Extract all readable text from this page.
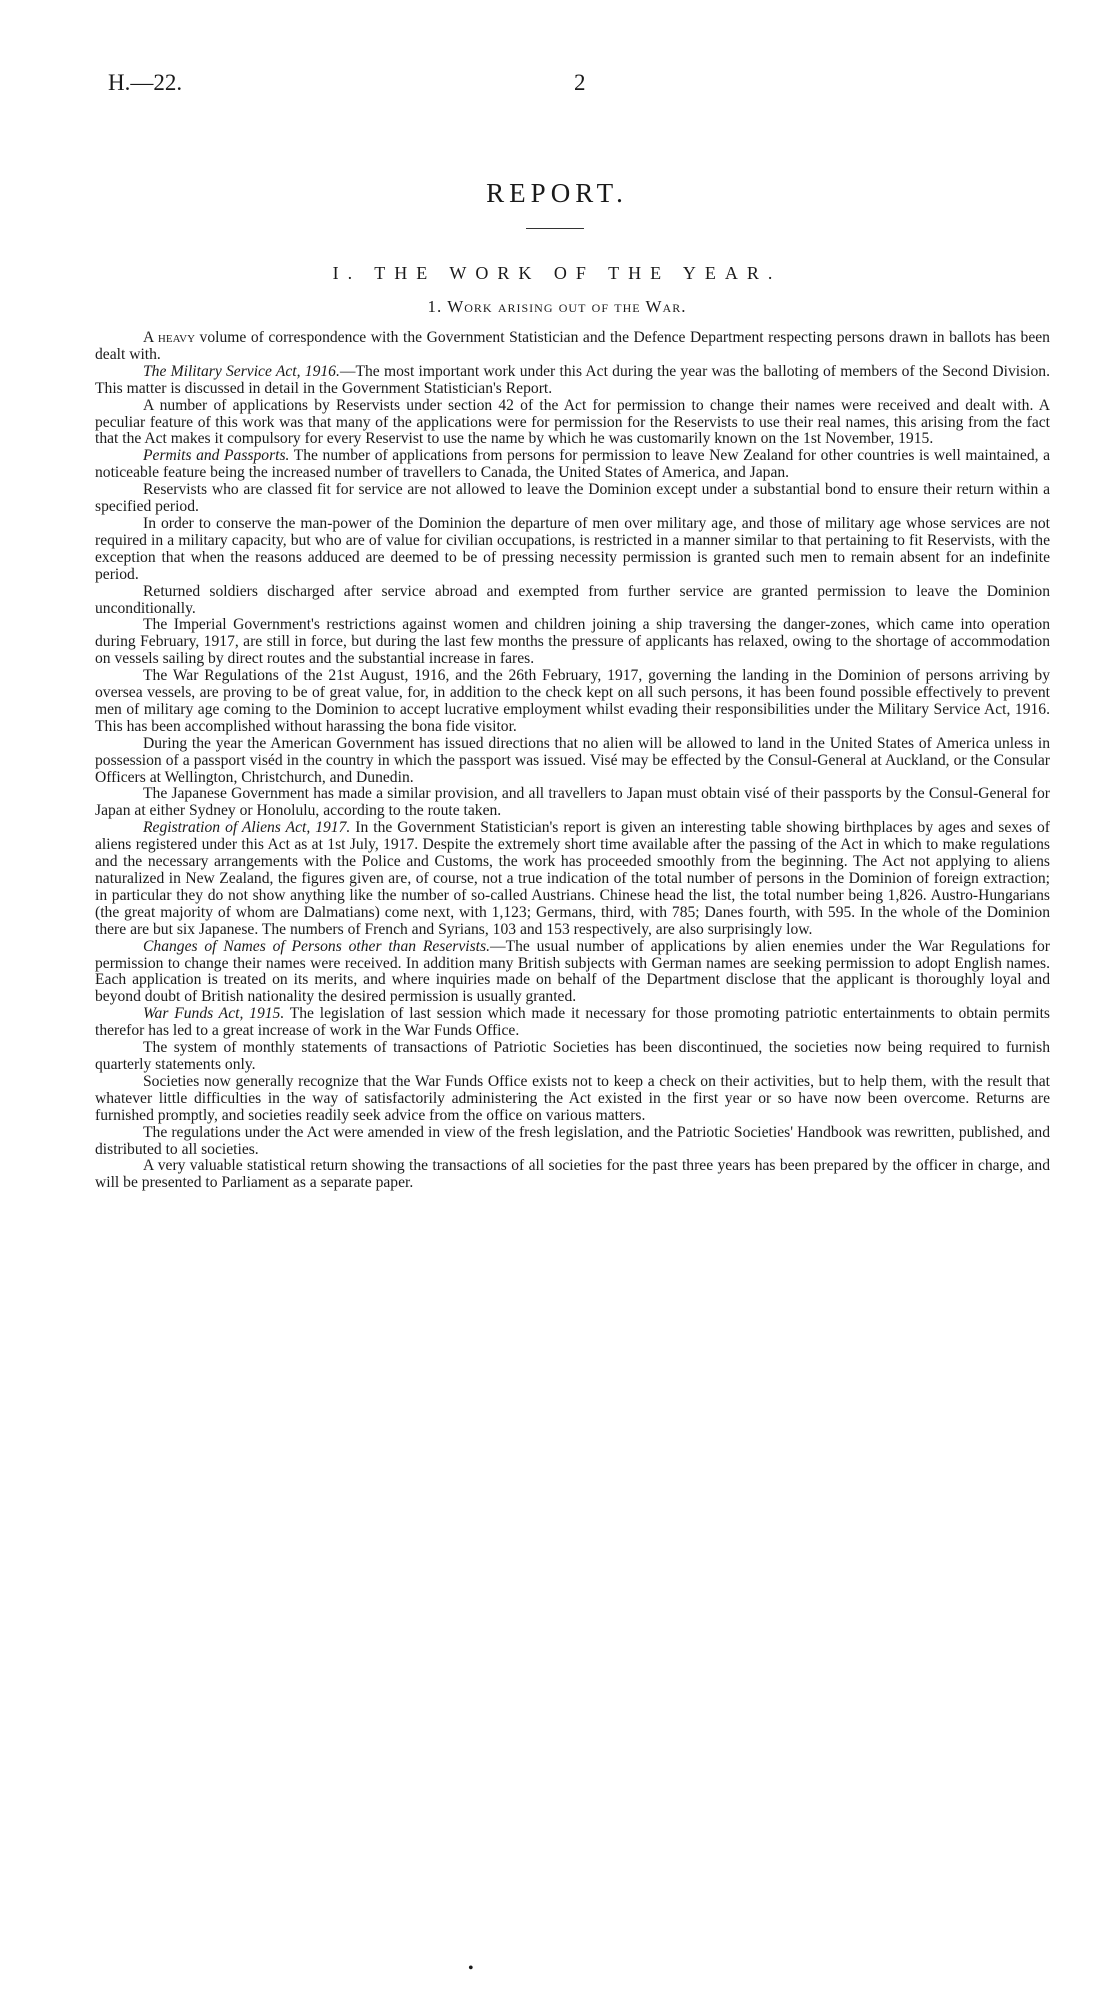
H.—22.	2
REPORT.
I. THE WORK OF THE YEAR.
1. Work arising out of the War.

A heavy volume of correspondence with the Government Statistician and the Defence Department respecting persons drawn in ballots has been dealt with.

The Military Service Act, 1916.—The most important work under this Act during the year was the balloting of members of the Second Division. This matter is discussed in detail in the Government Statistician's Report.

A number of applications by Reservists under section 42 of the Act for permission to change their names were received and dealt with. A peculiar feature of this work was that many of the applications were for permission for the Reservists to use their real names, this arising from the fact that the Act makes it compulsory for every Reservist to use the name by which he was customarily known on the 1st November, 1915.

Permits and Passports. The number of applications from persons for permission to leave New Zealand for other countries is well maintained, a noticeable feature being the increased number of travellers to Canada, the United States of America, and Japan.

Reservists who are classed fit for service are not allowed to leave the Dominion except under a substantial bond to ensure their return within a specified period.

In order to conserve the man-power of the Dominion the departure of men over military age, and those of military age whose services are not required in a military capacity, but who are of value for civilian occupations, is restricted in a manner similar to that pertaining to fit Reservists, with the exception that when the reasons adduced are deemed to be of pressing necessity permission is granted such men to remain absent for an indefinite period.

Returned soldiers discharged after service abroad and exempted from further service are granted permission to leave the Dominion unconditionally.

The Imperial Government's restrictions against women and children joining a ship traversing the danger-zones, which came into operation during February, 1917, are still in force, but during the last few months the pressure of applicants has relaxed, owing to the shortage of accommodation on vessels sailing by direct routes and the substantial increase in fares.

The War Regulations of the 21st August, 1916, and the 26th February, 1917, governing the landing in the Dominion of persons arriving by oversea vessels, are proving to be of great value, for, in addition to the check kept on all such persons, it has been found possible effectively to prevent men of military age coming to the Dominion to accept lucrative employment whilst evading their responsibilities under the Military Service Act, 1916. This has been accomplished without harassing the bona fide visitor.

During the year the American Government has issued directions that no alien will be allowed to land in the United States of America unless in possession of a passport viséd in the country in which the passport was issued. Visé may be effected by the Consul-General at Auckland, or the Consular Officers at Wellington, Christchurch, and Dunedin.

The Japanese Government has made a similar provision, and all travellers to Japan must obtain visé of their passports by the Consul-General for Japan at either Sydney or Honolulu, according to the route taken.

Registration of Aliens Act, 1917. In the Government Statistician's report is given an interesting table showing birthplaces by ages and sexes of aliens registered under this Act as at 1st July, 1917. Despite the extremely short time available after the passing of the Act in which to make regulations and the necessary arrangements with the Police and Customs, the work has proceeded smoothly from the beginning. The Act not applying to aliens naturalized in New Zealand, the figures given are, of course, not a true indication of the total number of persons in the Dominion of foreign extraction; in particular they do not show anything like the number of so-called Austrians. Chinese head the list, the total number being 1,826. Austro-Hungarians (the great majority of whom are Dalmatians) come next, with 1,123; Germans, third, with 785; Danes fourth, with 595. In the whole of the Dominion there are but six Japanese. The numbers of French and Syrians, 103 and 153 respectively, are also surprisingly low.

Changes of Names of Persons other than Reservists.—The usual number of applications by alien enemies under the War Regulations for permission to change their names were received. In addition many British subjects with German names are seeking permission to adopt English names. Each application is treated on its merits, and where inquiries made on behalf of the Department disclose that the applicant is thoroughly loyal and beyond doubt of British nationality the desired permission is usually granted.

War Funds Act, 1915. The legislation of last session which made it necessary for those promoting patriotic entertainments to obtain permits therefor has led to a great increase of work in the War Funds Office.

The system of monthly statements of transactions of Patriotic Societies has been discontinued, the societies now being required to furnish quarterly statements only.

Societies now generally recognize that the War Funds Office exists not to keep a check on their activities, but to help them, with the result that whatever little difficulties in the way of satisfactorily administering the Act existed in the first year or so have now been overcome. Returns are furnished promptly, and societies readily seek advice from the office on various matters.

The regulations under the Act were amended in view of the fresh legislation, and the Patriotic Societies' Handbook was rewritten, published, and distributed to all societies.

A very valuable statistical return showing the transactions of all societies for the past three years has been prepared by the officer in charge, and will be presented to Parliament as a separate paper.

•
